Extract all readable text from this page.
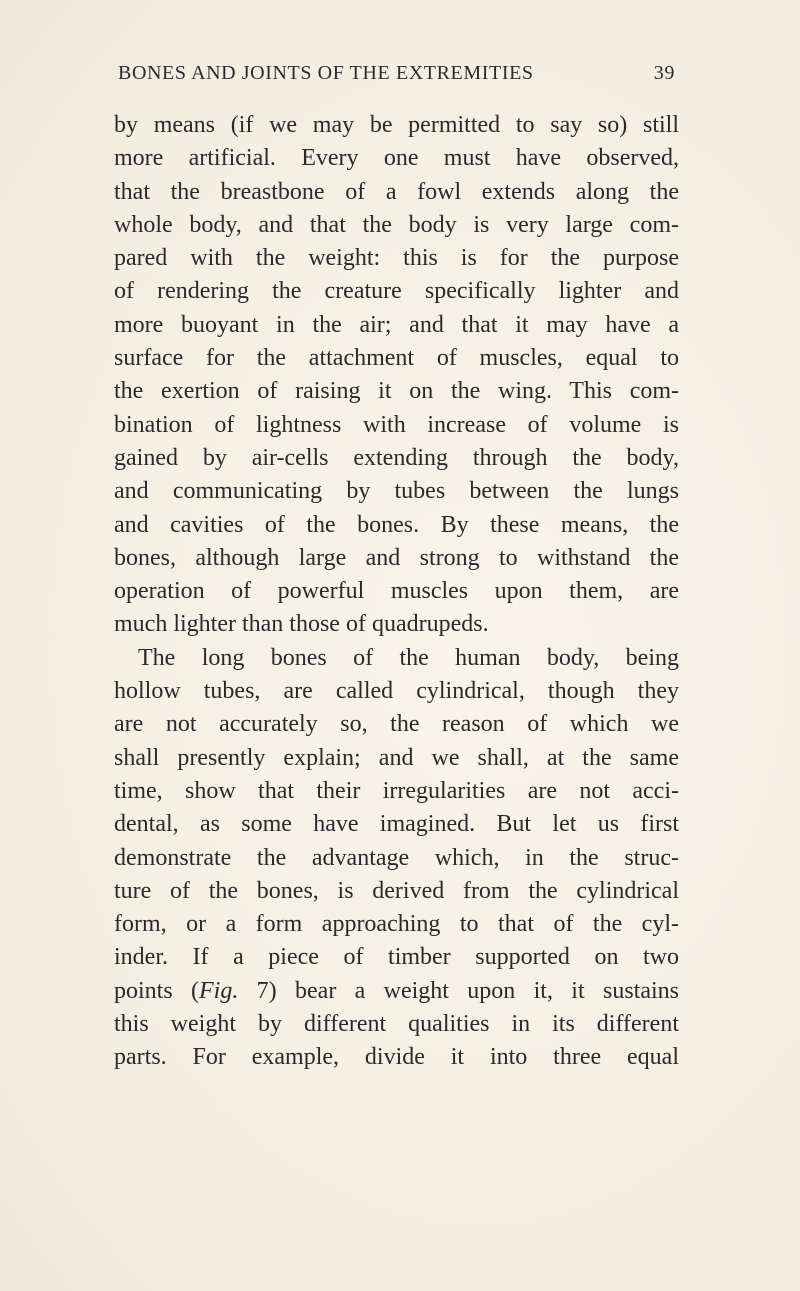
BONES AND JOINTS OF THE EXTREMITIES	39
by means (if we may be permitted to say so) still
more artificial. Every one must have observed,
that the breastbone of a fowl extends along the
whole body, and that the body is very large com-
pared with the weight: this is for the purpose
of rendering the creature specifically lighter and
more buoyant in the air; and that it may have a
surface for the attachment of muscles, equal to
the exertion of raising it on the wing. This com-
bination of lightness with increase of volume is
gained by air-cells extending through the body,
and communicating by tubes between the lungs
and cavities of the bones. By these means, the
bones, although large and strong to withstand the
operation of powerful muscles upon them, are
much lighter than those of quadrupeds.
The long bones of the human body, being
hollow tubes, are called cylindrical, though they
are not accurately so, the reason of which we
shall presently explain; and we shall, at the same
time, show that their irregularities are not acci-
dental, as some have imagined. But let us first
demonstrate the advantage which, in the struc-
ture of the bones, is derived from the cylindrical
form, or a form approaching to that of the cyl-
inder. If a piece of timber supported on two
points (Fig. 7) bear a weight upon it, it sustains
this weight by different qualities in its different
parts. For example, divide it into three equal
